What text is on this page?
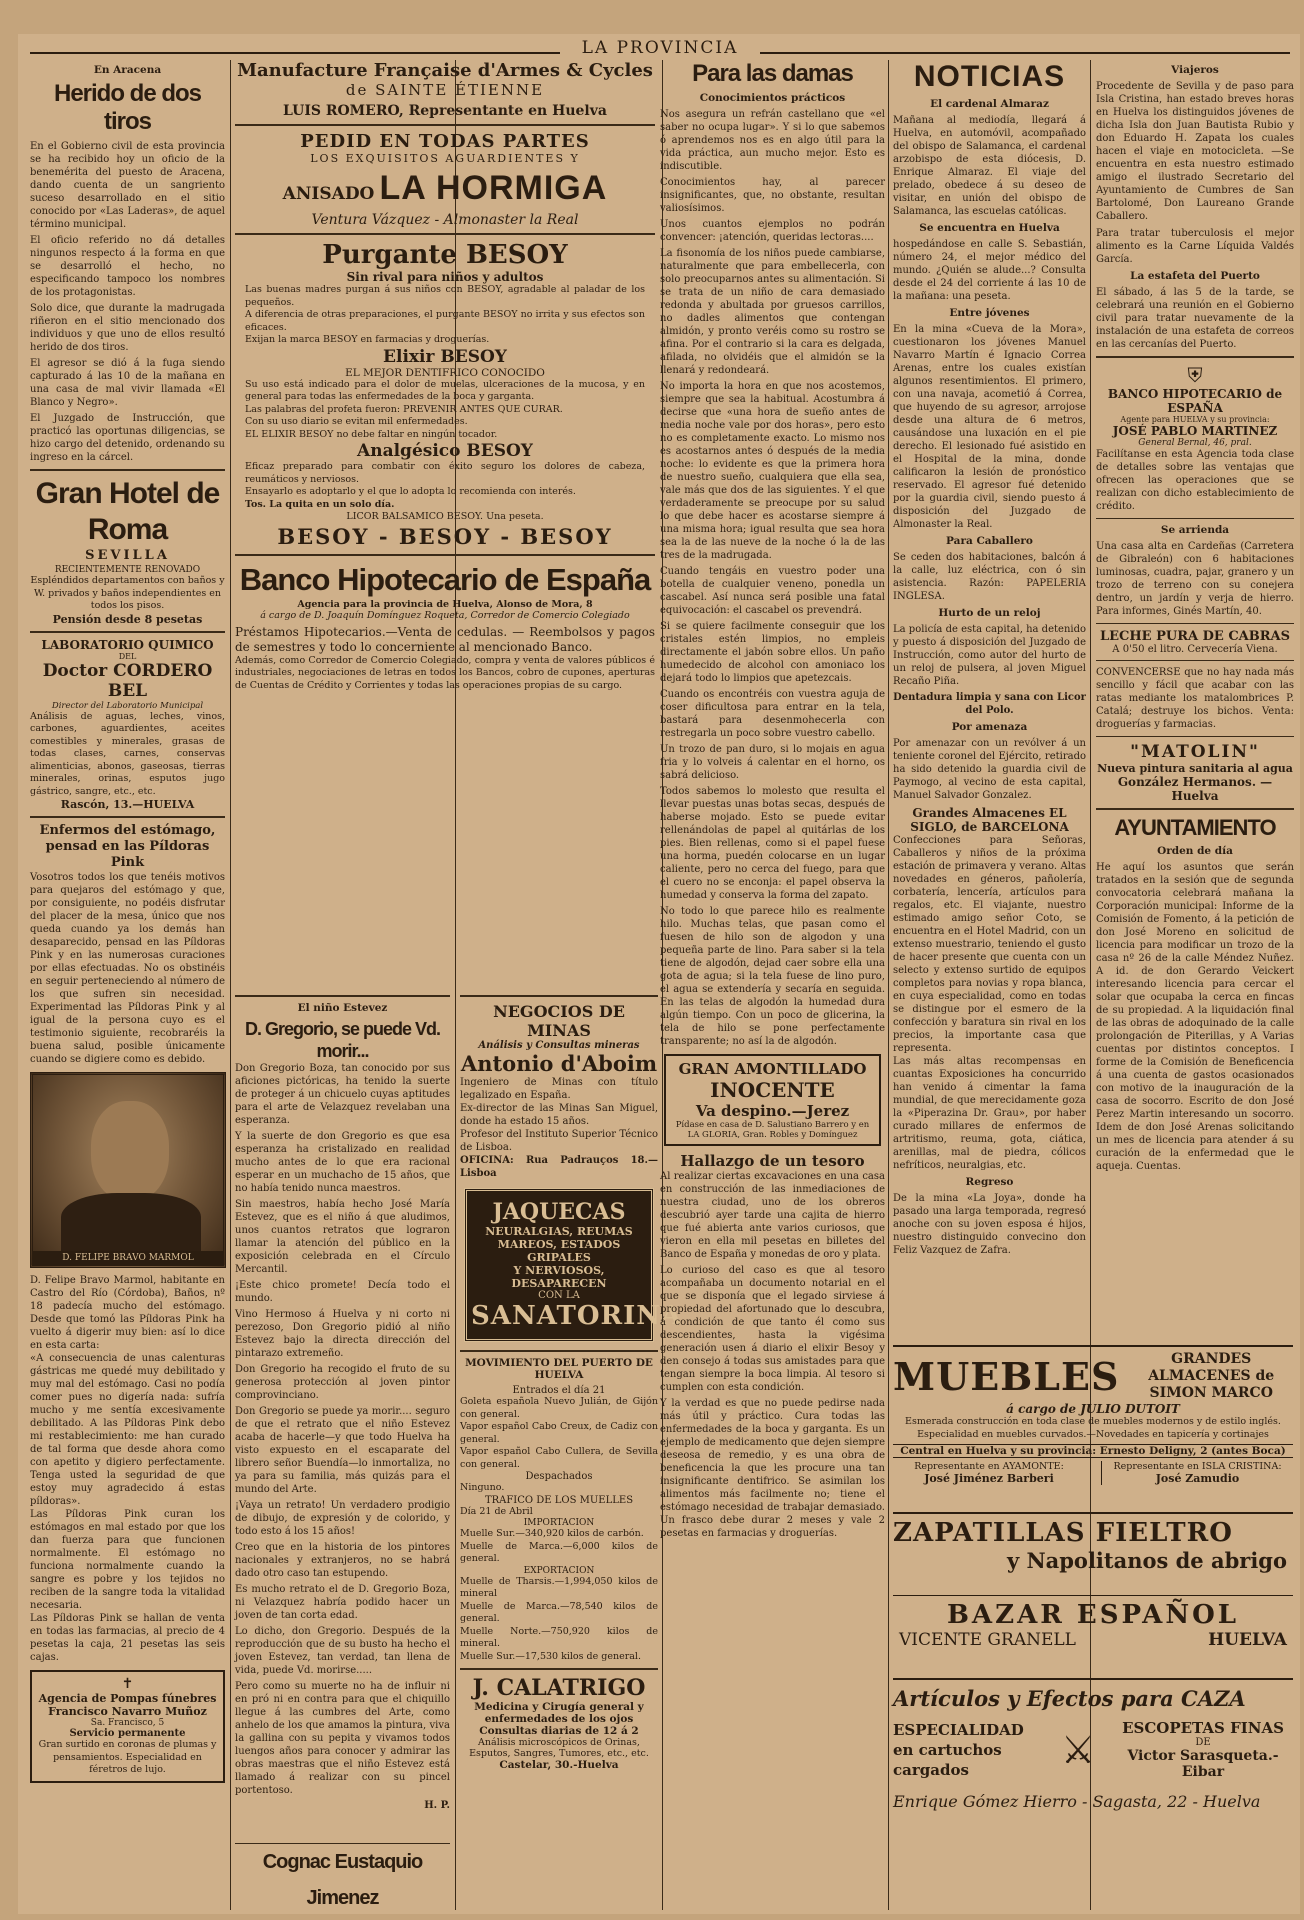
LA PROVINCIA
En Aracena
Herido de dos tiros

En el Gobierno civil de esta provincia se ha recibido hoy un oficio de la benemérita del puesto de Aracena, dando cuenta de un sangriento suceso desarrollado en el sitio conocido por «Las Laderas», de aquel término municipal.

El oficio referido no dá detalles ningunos respecto á la forma en que se desarrolló el hecho, no especificando tampoco los nombres de los protagonistas.

Solo dice, que durante la madrugada riñeron en el sitio mencionado dos individuos y que uno de ellos resultó herido de dos tiros.

El agresor se dió á la fuga siendo capturado á las 10 de la mañana en una casa de mal vivir llamada «El Blanco y Negro».

El Juzgado de Instrucción, que practicó las oportunas diligencias, se hizo cargo del detenido, ordenando su ingreso en la cárcel.

Gran Hotel de Roma
SEVILLA
RECIENTEMENTE RENOVADO
Espléndidos departamentos con baños y W. privados y baños independientes en todos los pisos.
Pensión desde 8 pesetas
LABORATORIO QUIMICO
DEL
Doctor CORDERO BEL
Director del Laboratorio Municipal
Análisis de aguas, leches, vinos, carbones, aguardientes, aceites comestibles y minerales, grasas de todas clases, carnes, conservas alimenticias, abonos, gaseosas, tierras minerales, orinas, esputos jugo gástrico, sangre, etc., etc.
Rascón, 13.—HUELVA
Enfermos del estómago, pensad en las Píldoras Pink
Vosotros todos los que tenéis motivos para quejaros del estómago y que, por consiguiente, no podéis disfrutar del placer de la mesa, único que nos queda cuando ya los demás han desaparecido, pensad en las Píldoras Pink y en las numerosas curaciones por ellas efectuadas. No os obstinéis en seguir perteneciendo al número de los que sufren sin necesidad. Experimentad las Píldoras Pink y al igual de la persona cuyo es el testimonio siguiente, recobraréis la buena salud, posible únicamente cuando se digiere como es debido.
D. FELIPE BRAVO MARMOL
D. Felipe Bravo Marmol, habitante en Castro del Río (Córdoba), Baños, nº 18 padecía mucho del estómago. Desde que tomó las Píldoras Pink ha vuelto á digerir muy bien: así lo dice en esta carta:
«A consecuencia de unas calenturas gástricas me quedé muy debilitado y muy mal del estómago. Casi no podía comer pues no digería nada: sufría mucho y me sentía excesivamente debilitado. A las Píldoras Pink debo mi restablecimiento: me han curado de tal forma que desde ahora como con apetito y digiero perfectamente. Tenga usted la seguridad de que estoy muy agradecido á estas píldoras».
Las Píldoras Pink curan los estómagos en mal estado por que los dan fuerza para que funcionen normalmente. El estómago no funciona normalmente cuando la sangre es pobre y los tejidos no reciben de la sangre toda la vitalidad necesaria.
Las Píldoras Pink se hallan de venta en todas las farmacias, al precio de 4 pesetas la caja, 21 pesetas las seis cajas.
✝
Agencia de Pompas fúnebres
Francisco Navarro Muñoz
Sa. Francisco, 5
Servicio permanente
Gran surtido en coronas de plumas y pensamientos. Especialidad en féretros de lujo.
Manufacture Française d'Armes & Cycles
de SAINTE ÉTIENNE
LUIS ROMERO, Representante en Huelva
PEDID EN TODAS PARTES
LOS EXQUISITOS AGUARDIENTES Y
ANISADO LA HORMIGA
Ventura Vázquez - Almonaster la Real
Purgante BESOY
Sin rival para niños y adultos
Las buenas madres purgan á sus niños con BESOY, agradable al paladar de los pequeños.
A diferencia de otras preparaciones, el purgante BESOY no irrita y sus efectos son eficaces.
Exijan la marca BESOY en farmacias y droguerías.
Elixir BESOY
EL MEJOR DENTIFRICO CONOCIDO
Su uso está indicado para el dolor de muelas, ulceraciones de la mucosa, y en general para todas las enfermedades de la boca y garganta.
Las palabras del profeta fueron: PREVENIR ANTES QUE CURAR.
Con su uso diario se evitan mil enfermedades.
EL ELIXIR BESOY no debe faltar en ningún tocador.
Analgésico BESOY
Eficaz preparado para combatir con éxito seguro los dolores de cabeza, reumáticos y nerviosos.
Ensayarlo es adoptarlo y el que lo adopta lo recomienda con interés.
Tos. La quita en un solo día.
LICOR BALSAMICO BESOY. Una peseta.
BESOY - BESOY - BESOY
Banco Hipotecario de España
Agencia para la provincia de Huelva, Alonso de Mora, 8
á cargo de D. Joaquín Domínguez Roqueta, Corredor de Comercio Colegiado
Préstamos Hipotecarios.—Venta de cedulas. — Reembolsos y pagos de semestres y todo lo concerniente al mencionado Banco.
Además, como Corredor de Comercio Colegiado, compra y venta de valores públicos é industriales, negociaciones de letras en todos los Bancos, cobro de cupones, aperturas de Cuentas de Crédito y Corrientes y todas las operaciones propias de su cargo.
El niño Estevez
D. Gregorio, se puede Vd. morir...

Don Gregorio Boza, tan conocido por sus aficiones pictóricas, ha tenido la suerte de proteger á un chicuelo cuyas aptitudes para el arte de Velazquez revelaban una esperanza.

Y la suerte de don Gregorio es que esa esperanza ha cristalizado en realidad mucho antes de lo que era racional esperar en un muchacho de 15 años, que no había tenido nunca maestros.

Sin maestros, había hecho José María Estevez, que es el niño á que aludimos, unos cuantos retratos que lograron llamar la atención del público en la exposición celebrada en el Círculo Mercantil.

¡Este chico promete! Decía todo el mundo.

Vino Hermoso á Huelva y ni corto ni perezoso, Don Gregorio pidió al niño Estevez bajo la directa dirección del pintarazo extremeño.

Don Gregorio ha recogido el fruto de su generosa protección al joven pintor comprovinciano.

Don Gregorio se puede ya morir.... seguro de que el retrato que el niño Estevez acaba de hacerle—y que todo Huelva ha visto expuesto en el escaparate del librero señor Buendía—lo inmortaliza, no ya para su familia, más quizás para el mundo del Arte.

¡Vaya un retrato! Un verdadero prodigio de dibujo, de expresión y de colorido, y todo esto á los 15 años!

Creo que en la historia de los pintores nacionales y extranjeros, no se habrá dado otro caso tan estupendo.

Es mucho retrato el de D. Gregorio Boza, ni Velazquez habría podido hacer un joven de tan corta edad.

Lo dicho, don Gregorio. Después de la reproducción que de su busto ha hecho el joven Estevez, tan verdad, tan llena de vida, puede Vd. morirse.....

Pero como su muerte no ha de influir ni en pró ni en contra para que el chiquillo llegue á las cumbres del Arte, como anhelo de los que amamos la pintura, viva la gallina con su pepita y vivamos todos luengos años para conocer y admirar las obras maestras que el niño Estevez está llamado á realizar con su pincel portentoso.

H. P.
Cognac Eustaquio Jimenez
NEGOCIOS DE MINAS
Análisis y Consultas mineras
Antonio d'Aboim
Ingeniero de Minas con título legalizado en España.
Ex-director de las Minas San Miguel, donde ha estado 15 años.
Profesor del Instituto Superior Técnico de Lisboa.
OFICINA: Rua Padrauços 18.—Lisboa
JAQUECAS
NEURALGIAS, REUMAS
MAREOS, ESTADOS GRIPALES
Y NERVIOSOS, DESAPARECEN
CON LA
SANATORINA
MOVIMIENTO DEL PUERTO DE HUELVA
Entrados el día 21
Goleta española Nuevo Julián, de Gijón con general.
Vapor español Cabo Creux, de Cadiz con general.
Vapor español Cabo Cullera, de Sevilla con general.
Despachados
Ninguno.
TRAFICO DE LOS MUELLES
Día 21 de Abril
IMPORTACION
Muelle Sur.—340,920 kilos de carbón.
Muelle de Marca.—6,000 kilos de general.
EXPORTACION
Muelle de Tharsis.—1,994,050 kilos de mineral
Muelle de Marca.—78,540 kilos de general.
Muelle Norte.—750,920 kilos de mineral.
Muelle Sur.—17,530 kilos de general.
J. CALATRIGO
Medicina y Cirugía general y enfermedades de los ojos
Consultas diarias de 12 á 2
Análisis microscópicos de Orinas, Esputos, Sangres, Tumores, etc., etc.
Castelar, 30.-Huelva
Para las damas
Conocimientos prácticos

Nos asegura un refrán castellano que «el saber no ocupa lugar». Y si lo que sabemos ó aprendemos nos es en algo útil para la vida práctica, aun mucho mejor. Esto es indiscutible.

Conocimientos hay, al parecer insignificantes, que, no obstante, resultan valiosísimos.

Unos cuantos ejemplos no podrán convencer: ¡atención, queridas lectoras....

La fisonomía de los niños puede cambiarse, naturalmente que para embellecerla, con solo preocuparnos antes su alimentación. Si se trata de un niño de cara demasiado redonda y abultada por gruesos carrillos, no dadles alimentos que contengan almidón, y pronto veréis como su rostro se afina. Por el contrario si la cara es delgada, afilada, no olvidéis que el almidón se la llenará y redondeará.

No importa la hora en que nos acostemos, siempre que sea la habitual. Acostumbra á decirse que «una hora de sueño antes de media noche vale por dos horas», pero esto no es completamente exacto. Lo mismo nos es acostarnos antes ó después de la media noche: lo evidente es que la primera hora de nuestro sueño, cualquiera que ella sea, vale más que dos de las siguientes. Y el que verdaderamente se preocupe por su salud lo que debe hacer es acostarse siempre á una misma hora; igual resulta que sea hora sea la de las nueve de la noche ó la de las tres de la madrugada.

Cuando tengáis en vuestro poder una botella de cualquier veneno, ponedla un cascabel. Así nunca será posible una fatal equivocación: el cascabel os prevendrá.

Si se quiere facilmente conseguir que los cristales estén limpios, no empleis directamente el jabón sobre ellos. Un paño humedecido de alcohol con amoniaco los dejará todo lo limpios que apetezcais.

Cuando os encontréis con vuestra aguja de coser dificultosa para entrar en la tela, bastará para desenmohecerla con restregarla un poco sobre vuestro cabello.

Un trozo de pan duro, si lo mojais en agua fria y lo volveis á calentar en el horno, os sabrá delicioso.

Todos sabemos lo molesto que resulta el llevar puestas unas botas secas, después de haberse mojado. Esto se puede evitar rellenándolas de papel al quitárlas de los pies. Bien rellenas, como si el papel fuese una horma, puedén colocarse en un lugar caliente, pero no cerca del fuego, para que el cuero no se enconja: el papel observa la humedad y conserva la forma del zapato.

No todo lo que parece hilo es realmente hilo. Muchas telas, que pasan como el fuesen de hilo son de algodon y una pequeña parte de lino. Para saber si la tela tiene de algodón, dejad caer sobre ella una gota de agua; si la tela fuese de lino puro, el agua se extendería y secaría en seguida. En las telas de algodón la humedad dura algún tiempo. Con un poco de glicerina, la tela de hilo se pone perfectamente transparente; no así la de algodón.

GRAN AMONTILLADO
INOCENTE
Va despino.—Jerez
Pídase en casa de D. Salustiano Barrero y en LA GLORIA, Gran. Robles y Domínguez
Hallazgo de un tesoro

Al realizar ciertas excavaciones en una casa en construcción de las inmediaciones de nuestra ciudad, uno de los obreros descubrió ayer tarde una cajita de hierro que fué abierta ante varios curiosos, que vieron en ella mil pesetas en billetes del Banco de España y monedas de oro y plata.

Lo curioso del caso es que al tesoro acompañaba un documento notarial en el que se disponía que el legado sirviese á propiedad del afortunado que lo descubra, á condición de que tanto él como sus descendientes, hasta la vigésima generación usen á diario el elixir Besoy y den consejo á todas sus amistades para que tengan siempre la boca limpia. Al tesoro si cumplen con esta condición.

Y la verdad es que no puede pedirse nada más útil y práctico. Cura todas las enfermedades de la boca y garganta. Es un ejemplo de medicamento que dejen siempre deseosa de remedio, y es una obra de beneficencia la que les procure una tan insignificante dentifrico. Se asimilan los alimentos más facilmente no; tiene el estómago necesidad de trabajar demasiado. Un frasco debe durar 2 meses y vale 2 pesetas en farmacias y droguerías.

NOTICIAS
El cardenal Almaraz
Mañana al mediodía, llegará á Huelva, en automóvil, acompañado del obispo de Salamanca, el cardenal arzobispo de esta diócesis, D. Enrique Almaraz. El viaje del prelado, obedece á su deseo de visitar, en unión del obispo de Salamanca, las escuelas católicas.
Se encuentra en Huelva
hospedándose en calle S. Sebastián, número 24, el mejor médico del mundo. ¿Quién se alude...? Consulta desde el 24 del corriente á las 10 de la mañana: una peseta.
Entre jóvenes
En la mina «Cueva de la Mora», cuestionaron los jóvenes Manuel Navarro Martín é Ignacio Correa Arenas, entre los cuales existían algunos resentimientos. El primero, con una navaja, acometió á Correa, que huyendo de su agresor, arrojose desde una altura de 6 metros, causándose una luxación en el pie derecho. El lesionado fué asistido en el Hospital de la mina, donde calificaron la lesión de pronóstico reservado. El agresor fué detenido por la guardia civil, siendo puesto á disposición del Juzgado de Almonaster la Real.
Para Caballero
Se ceden dos habitaciones, balcón á la calle, luz eléctrica, con ó sin asistencia. Razón: PAPELERIA INGLESA.
Hurto de un reloj
La policía de esta capital, ha detenido y puesto á disposición del Juzgado de Instrucción, como autor del hurto de un reloj de pulsera, al joven Miguel Recaño Piña.
Dentadura limpia y sana con Licor del Polo.
Por amenaza
Por amenazar con un revólver á un teniente coronel del Ejército, retirado ha sido detenido la guardia civil de Paymogo, al vecino de esta capital, Manuel Salvador Gonzalez.
Grandes Almacenes EL SIGLO, de BARCELONA
Confecciones para Señoras, Caballeros y niños de la próxima estación de primavera y verano. Altas novedades en géneros, pañolería, corbatería, lencería, artículos para regalos, etc. El viajante, nuestro estimado amigo señor Coto, se encuentra en el Hotel Madrid, con un extenso muestrario, teniendo el gusto de hacer presente que cuenta con un selecto y extenso surtido de equipos completos para novias y ropa blanca, en cuya especialidad, como en todas se distingue por el esmero de la confección y baratura sin rival en los precios, la importante casa que representa.
Las más altas recompensas en cuantas Exposiciones ha concurrido han venido á cimentar la fama mundial, de que merecidamente goza la «Piperazina Dr. Grau», por haber curado millares de enfermos de artritismo, reuma, gota, ciática, arenillas, mal de piedra, cólicos nefríticos, neuralgias, etc.
Regreso
De la mina «La Joya», donde ha pasado una larga temporada, regresó anoche con su joven esposa é hijos, nuestro distinguido convecino don Feliz Vazquez de Zafra.
Viajeros
Procedente de Sevilla y de paso para Isla Cristina, han estado breves horas en Huelva los distinguidos jóvenes de dicha Isla don Juan Bautista Rubio y don Eduardo H. Zapata los cuales hacen el viaje en motocicleta. —Se encuentra en esta nuestro estimado amigo el ilustrado Secretario del Ayuntamiento de Cumbres de San Bartolomé, Don Laureano Grande Caballero.
Para tratar tuberculosis el mejor alimento es la Carne Líquida Valdés García.
La estafeta del Puerto
El sábado, á las 5 de la tarde, se celebrará una reunión en el Gobierno civil para tratar nuevamente de la instalación de una estafeta de correos en las cercanías del Puerto.
⛨
BANCO HIPOTECARIO de ESPAÑA
Agente para HUELVA y su provincia:
JOSÉ PABLO MARTINEZ
General Bernal, 46, pral.
Facilítanse en esta Agencia toda clase de detalles sobre las ventajas que ofrecen las operaciones que se realizan con dicho establecimiento de crédito.
Se arrienda
Una casa alta en Cardeñas (Carretera de Gibraleón) con 6 habitaciones luminosas, cuadra, pajar, granero y un trozo de terreno con su conejera dentro, un jardín y verja de hierro. Para informes, Ginés Martín, 40.
LECHE PURA DE CABRAS
A 0'50 el litro. Cervecería Viena.
CONVENCERSE que no hay nada más sencillo y fácil que acabar con las ratas mediante los matalombrices P. Catalá; destruye los bichos. Venta: droguerías y farmacias.
"MATOLIN"
Nueva pintura sanitaria al agua
González Hermanos. — Huelva
AYUNTAMIENTO
Orden de día
He aquí los asuntos que serán tratados en la sesión que de segunda convocatoria celebrará mañana la Corporación municipal: Informe de la Comisión de Fomento, á la petición de don José Moreno en solicitud de licencia para modificar un trozo de la casa nº 26 de la calle Méndez Nuñez. A id. de don Gerardo Veickert interesando licencia para cercar el solar que ocupaba la cerca en fincas de su propiedad. A la liquidación final de las obras de adoquinado de la calle prolongación de Piterillas, y A Varias cuentas por distintos conceptos. I forme de la Comisión de Beneficencia á una cuenta de gastos ocasionados con motivo de la inauguración de la casa de socorro. Escrito de don José Perez Martin interesando un socorro. Idem de don José Arenas solicitando un mes de licencia para atender á su curación de la enfermedad que le aqueja. Cuentas.
MUEBLES	GRANDES ALMACENES de SIMON MARCO
á cargo de JULIO DUTOIT
Esmerada construcción en toda clase de muebles modernos y de estilo inglés. Especialidad en muebles curvados.—Novedades en tapicería y cortinajes
Central en Huelva y su provincia: Ernesto Deligny, 2 (antes Boca)
Representante en AYAMONTE:
José Jiménez Barberi
Representante en ISLA CRISTINA:
José Zamudio
ZAPATILLAS FIELTRO
y Napolitanos de abrigo
BAZAR ESPAÑOL
VICENTE GRANELL	HUELVA
Artículos y Efectos para CAZA
ESPECIALIDAD en cartuchos cargados	⚔	ESCOPETAS FINAS
DE
Victor Sarasqueta.-Eibar
Enrique Gómez Hierro - Sagasta, 22 - Huelva
